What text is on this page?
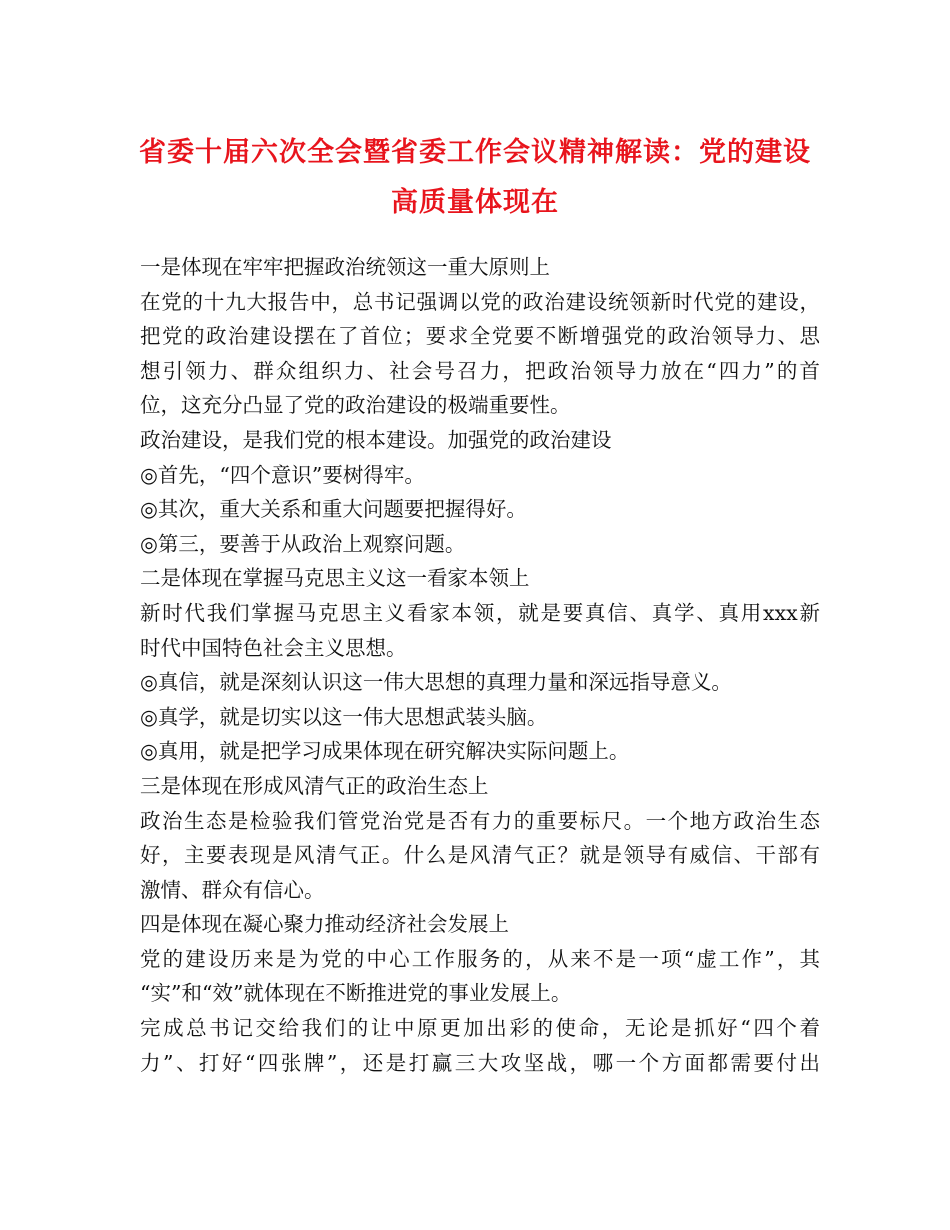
省委十届六次全会暨省委工作会议精神解读：党的建设
高质量体现在
一是体现在牢牢把握政治统领这一重大原则上
在党的十九大报告中，总书记强调以党的政治建设统领新时代党的建设，
把党的政治建设摆在了首位；要求全党要不断增强党的政治领导力、思
想引领力、群众组织力、社会号召力，把政治领导力放在“四力”的首
位，这充分凸显了党的政治建设的极端重要性。
政治建设，是我们党的根本建设。加强党的政治建设
◎首先，“四个意识”要树得牢。
◎其次，重大关系和重大问题要把握得好。
◎第三，要善于从政治上观察问题。
二是体现在掌握马克思主义这一看家本领上
新时代我们掌握马克思主义看家本领，就是要真信、真学、真用xxx新
时代中国特色社会主义思想。
◎真信，就是深刻认识这一伟大思想的真理力量和深远指导意义。
◎真学，就是切实以这一伟大思想武装头脑。
◎真用，就是把学习成果体现在研究解决实际问题上。
三是体现在形成风清气正的政治生态上
政治生态是检验我们管党治党是否有力的重要标尺。一个地方政治生态
好，主要表现是风清气正。什么是风清气正？就是领导有威信、干部有
激情、群众有信心。
四是体现在凝心聚力推动经济社会发展上
党的建设历来是为党的中心工作服务的，从来不是一项“虚工作”，其
“实”和“效”就体现在不断推进党的事业发展上。
完成总书记交给我们的让中原更加出彩的使命，无论是抓好“四个着
力”、打好“四张牌”，还是打赢三大攻坚战，哪一个方面都需要付出
